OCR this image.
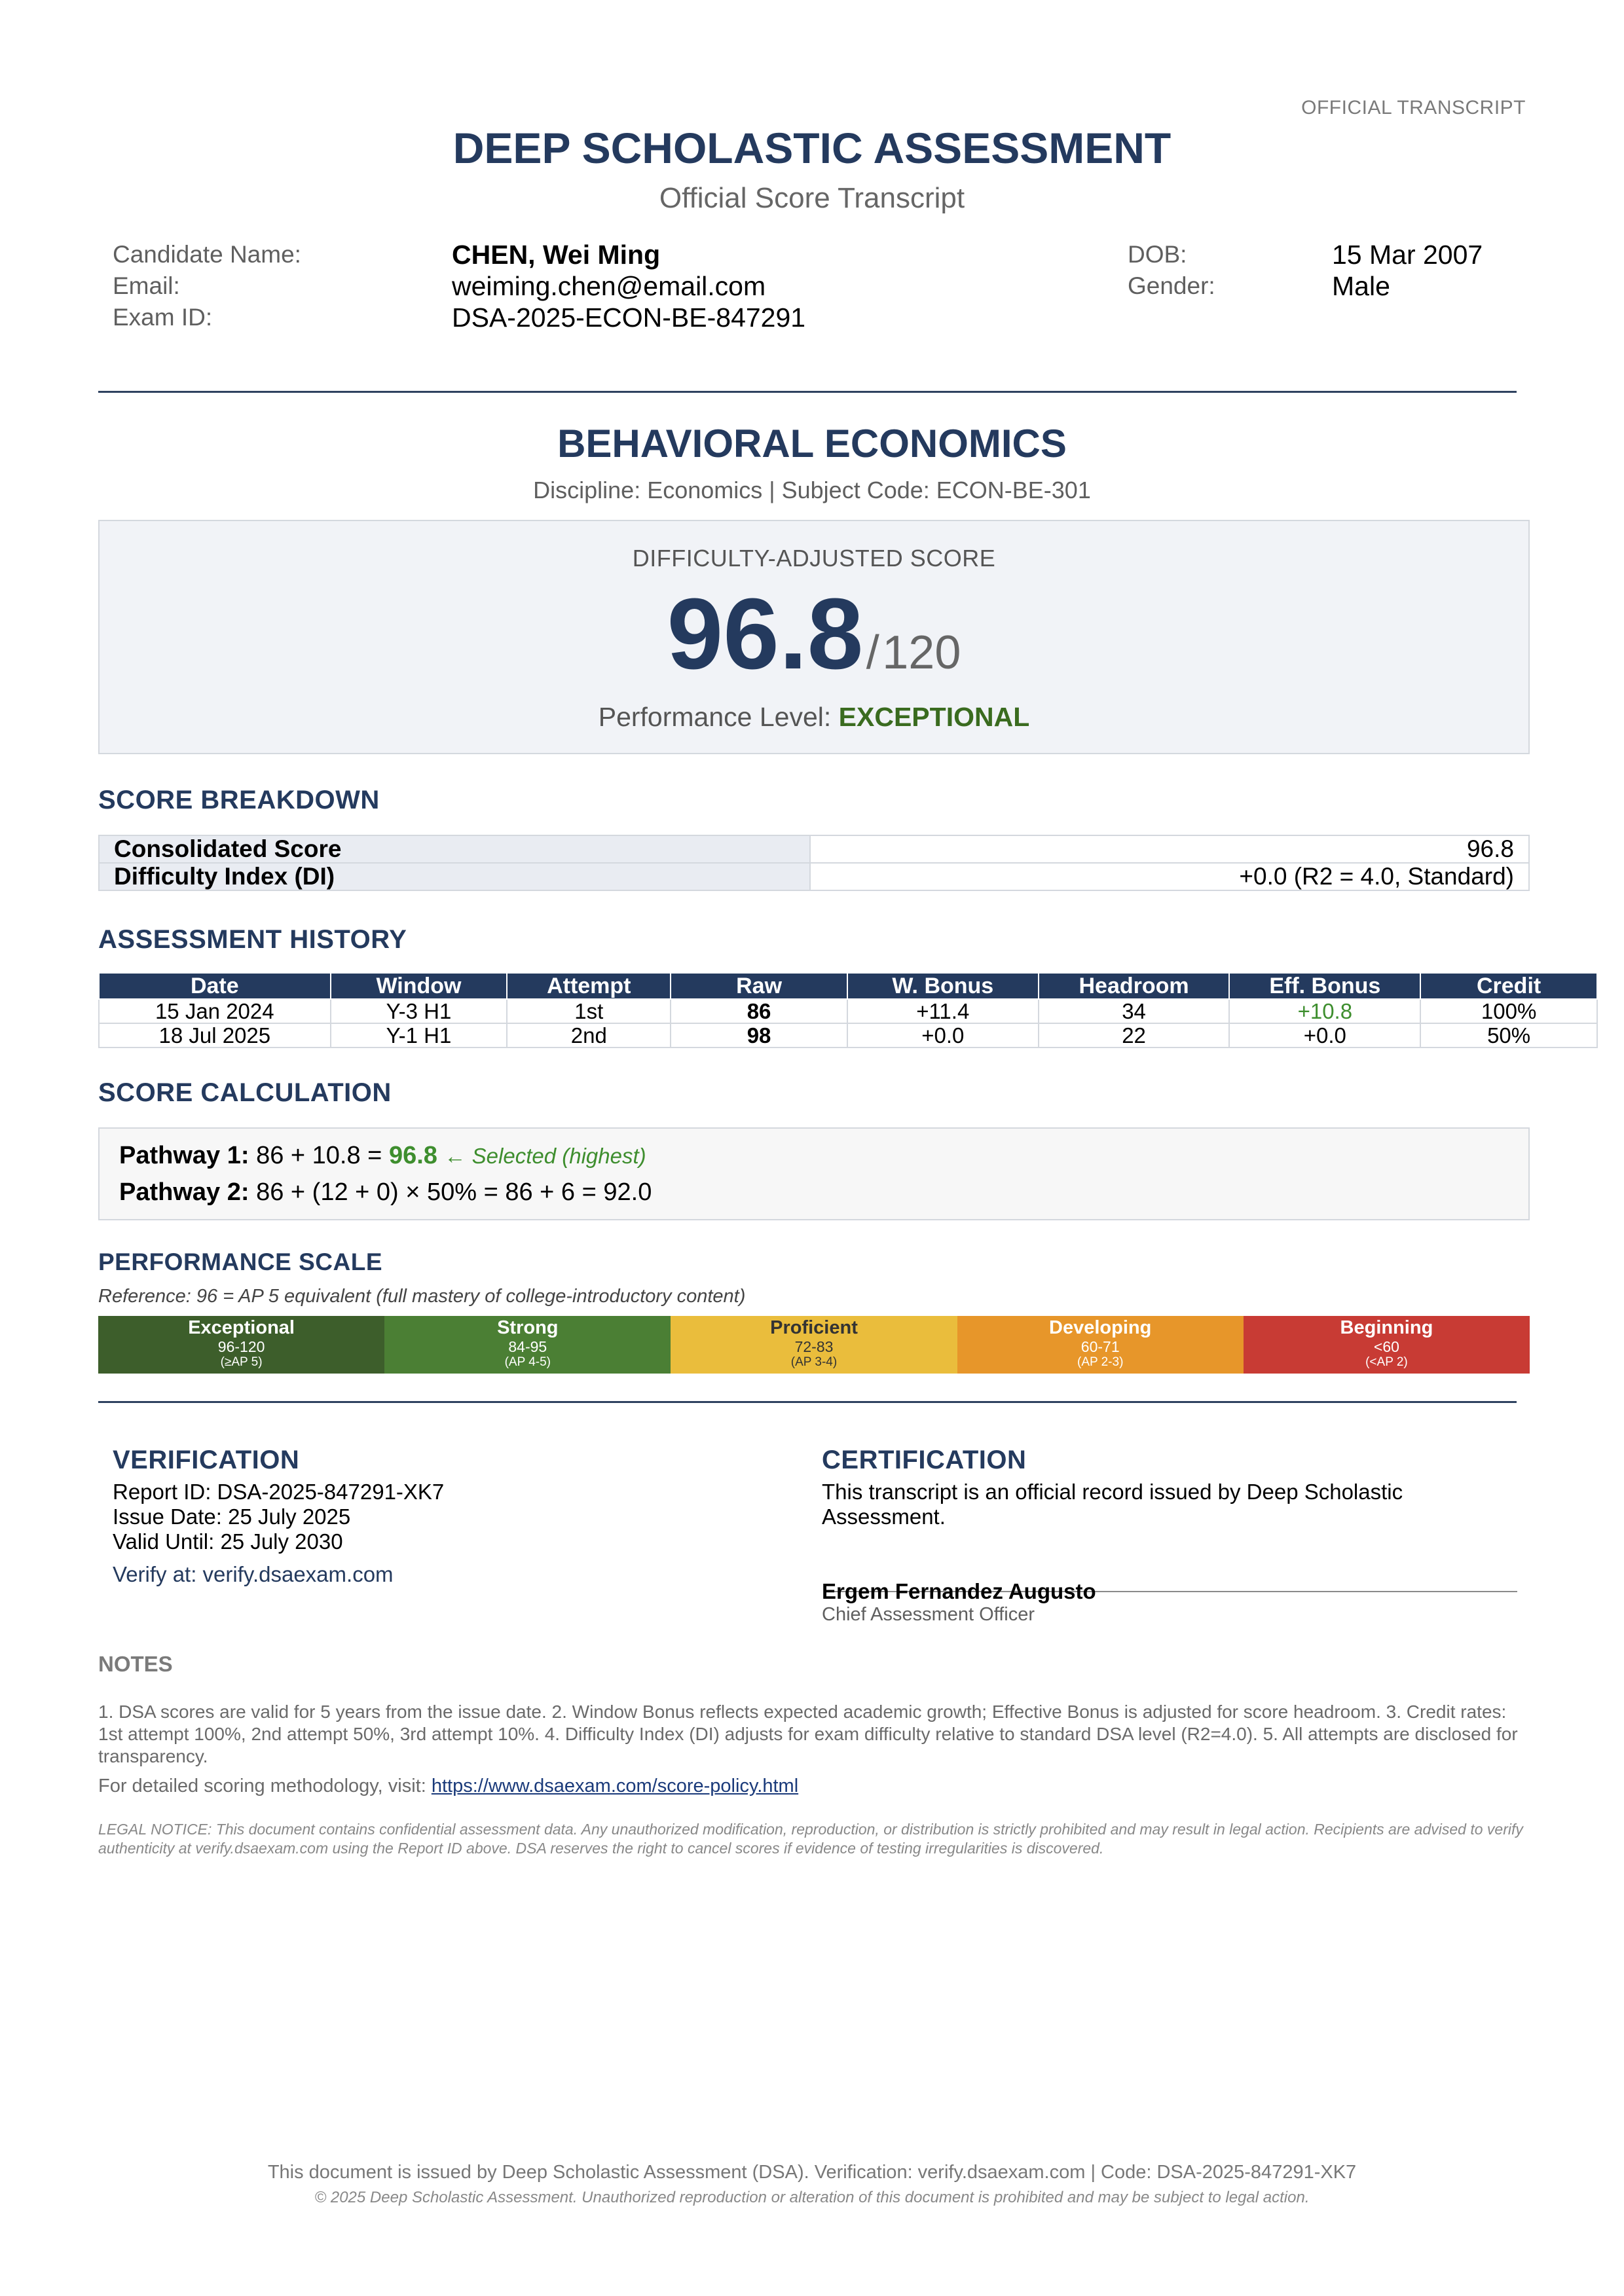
OFFICIAL TRANSCRIPT
DEEP SCHOLASTIC ASSESSMENT
Official Score Transcript
Candidate Name:	CHEN, Wei Ming
Email:	weiming.chen@email.com
Exam ID:	DSA-2025-ECON-BE-847291
DOB:	15 Mar 2007
Gender:	Male
BEHAVIORAL ECONOMICS
Discipline: Economics | Subject Code: ECON-BE-301
DIFFICULTY-ADJUSTED SCORE
96.8 / 120
Performance Level: EXCEPTIONAL
SCORE BREAKDOWN
Consolidated Score	96.8
Difficulty Index (DI)	+0.0 (R2 = 4.0, Standard)
ASSESSMENT HISTORY
Date	Window	Attempt	Raw	W. Bonus	Headroom	Eff. Bonus	Credit
15 Jan 2024	Y-3 H1	1st	86	+11.4	34	+10.8	100%
18 Jul 2025	Y-1 H1	2nd	98	+0.0	22	+0.0	50%
SCORE CALCULATION
Pathway 1: 86 + 10.8 = 96.8 ← Selected (highest)
Pathway 2: 86 + (12 + 0) × 50% = 86 + 6 = 92.0
PERFORMANCE SCALE
Reference: 96 = AP 5 equivalent (full mastery of college-introductory content)
Exceptional
96-120
(≥AP 5)
Strong
84-95
(AP 4-5)
Proficient
72-83
(AP 3-4)
Developing
60-71
(AP 2-3)
Beginning
<60
(<AP 2)
VERIFICATION
Report ID: DSA-2025-847291-XK7
Issue Date: 25 July 2025
Valid Until: 25 July 2030
Verify at: verify.dsaexam.com
CERTIFICATION
This transcript is an official record issued by Deep Scholastic Assessment.
Ergem Fernandez Augusto
Chief Assessment Officer
NOTES
1. DSA scores are valid for 5 years from the issue date. 2. Window Bonus reflects expected academic growth; Effective Bonus is adjusted for score headroom. 3. Credit rates: 1st attempt 100%, 2nd attempt 50%, 3rd attempt 10%. 4. Difficulty Index (DI) adjusts for exam difficulty relative to standard DSA level (R2=4.0). 5. All attempts are disclosed for transparency.
For detailed scoring methodology, visit: https://www.dsaexam.com/score-policy.html
LEGAL NOTICE: This document contains confidential assessment data. Any unauthorized modification, reproduction, or distribution is strictly prohibited and may result in legal action. Recipients are advised to verify authenticity at verify.dsaexam.com using the Report ID above. DSA reserves the right to cancel scores if evidence of testing irregularities is discovered.
This document is issued by Deep Scholastic Assessment (DSA). Verification: verify.dsaexam.com | Code: DSA-2025-847291-XK7
© 2025 Deep Scholastic Assessment. Unauthorized reproduction or alteration of this document is prohibited and may be subject to legal action.
